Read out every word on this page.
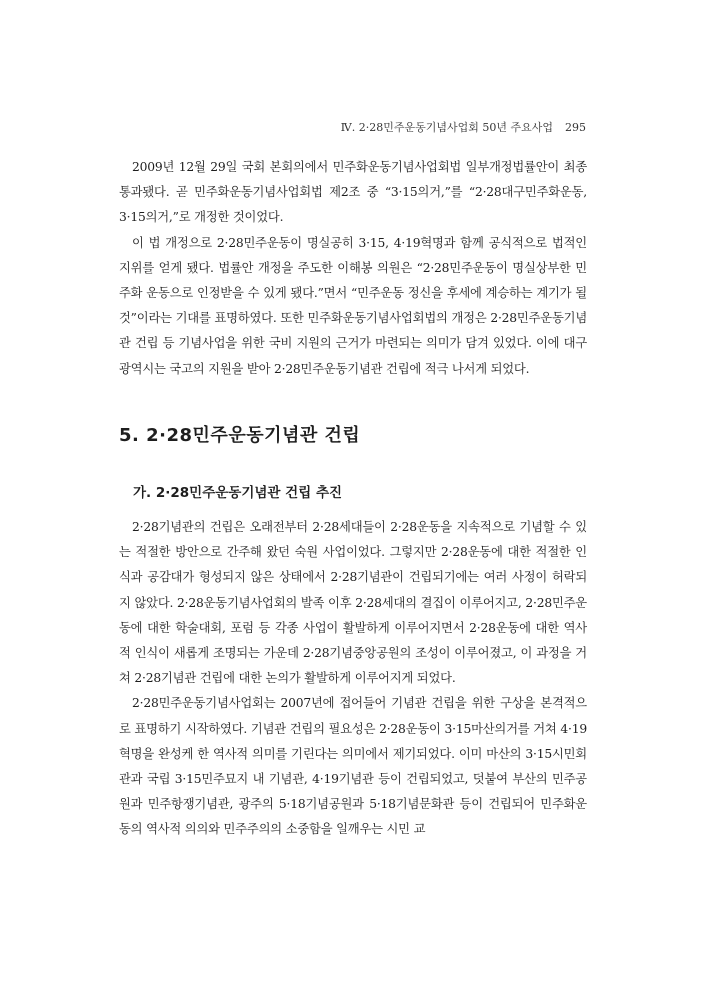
Ⅳ. 2·28민주운동기념사업회 50년 주요사업 295

2009년 12월 29일 국회 본회의에서 민주화운동기념사업회법 일부개정법률안이 최종 통과됐다. 곧 민주화운동기념사업회법 제2조 중 “3·15의거,”를 “2·28대구민주화운동, 3·15의거,”로 개정한 것이었다.

이 법 개정으로 2·28민주운동이 명실공히 3·15, 4·19혁명과 함께 공식적으로 법적인 지위를 얻게 됐다. 법률안 개정을 주도한 이해봉 의원은 “2·28민주운동이 명실상부한 민주화 운동으로 인정받을 수 있게 됐다.”면서 “민주운동 정신을 후세에 계승하는 계기가 될 것”이라는 기대를 표명하였다. 또한 민주화운동기념사업회법의 개정은 2·28민주운동기념관 건립 등 기념사업을 위한 국비 지원의 근거가 마련되는 의미가 담겨 있었다. 이에 대구광역시는 국고의 지원을 받아 2·28민주운동기념관 건립에 적극 나서게 되었다.

5. 2·28민주운동기념관 건립
가. 2·28민주운동기념관 건립 추진

2·28기념관의 건립은 오래전부터 2·28세대들이 2·28운동을 지속적으로 기념할 수 있는 적절한 방안으로 간주해 왔던 숙원 사업이었다. 그렇지만 2·28운동에 대한 적절한 인식과 공감대가 형성되지 않은 상태에서 2·28기념관이 건립되기에는 여러 사정이 허락되지 않았다. 2·28운동기념사업회의 발족 이후 2·28세대의 결집이 이루어지고, 2·28민주운동에 대한 학술대회, 포럼 등 각종 사업이 활발하게 이루어지면서 2·28운동에 대한 역사적 인식이 새롭게 조명되는 가운데 2·28기념중앙공원의 조성이 이루어졌고, 이 과정을 거쳐 2·28기념관 건립에 대한 논의가 활발하게 이루어지게 되었다.

2·28민주운동기념사업회는 2007년에 접어들어 기념관 건립을 위한 구상을 본격적으로 표명하기 시작하였다. 기념관 건립의 필요성은 2·28운동이 3·15마산의거를 거쳐 4·19혁명을 완성케 한 역사적 의미를 기린다는 의미에서 제기되었다. 이미 마산의 3·15시민회관과 국립 3·15민주묘지 내 기념관, 4·19기념관 등이 건립되었고, 덧붙여 부산의 민주공원과 민주항쟁기념관, 광주의 5·18기념공원과 5·18기념문화관 등이 건립되어 민주화운동의 역사적 의의와 민주주의의 소중함을 일깨우는 시민 교
